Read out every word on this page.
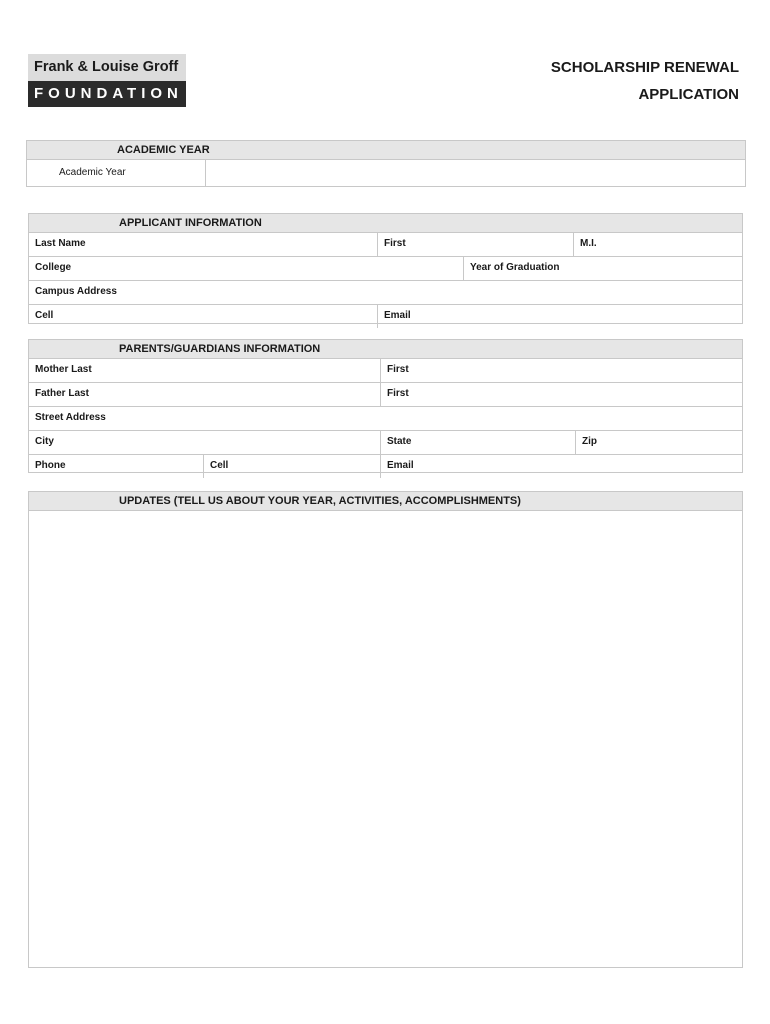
Frank & Louise Groff
FOUNDATION
SCHOLARSHIP RENEWAL
APPLICATION
ACADEMIC YEAR
Academic Year
APPLICANT INFORMATION
Last Name	First	M.I.
College	Year of Graduation
Campus Address
Cell	Email
PARENTS/GUARDIANS INFORMATION
Mother Last	First
Father Last	First
Street Address
City	State	Zip
Phone	Cell	Email
UPDATES (TELL US ABOUT YOUR YEAR, ACTIVITIES, ACCOMPLISHMENTS)
